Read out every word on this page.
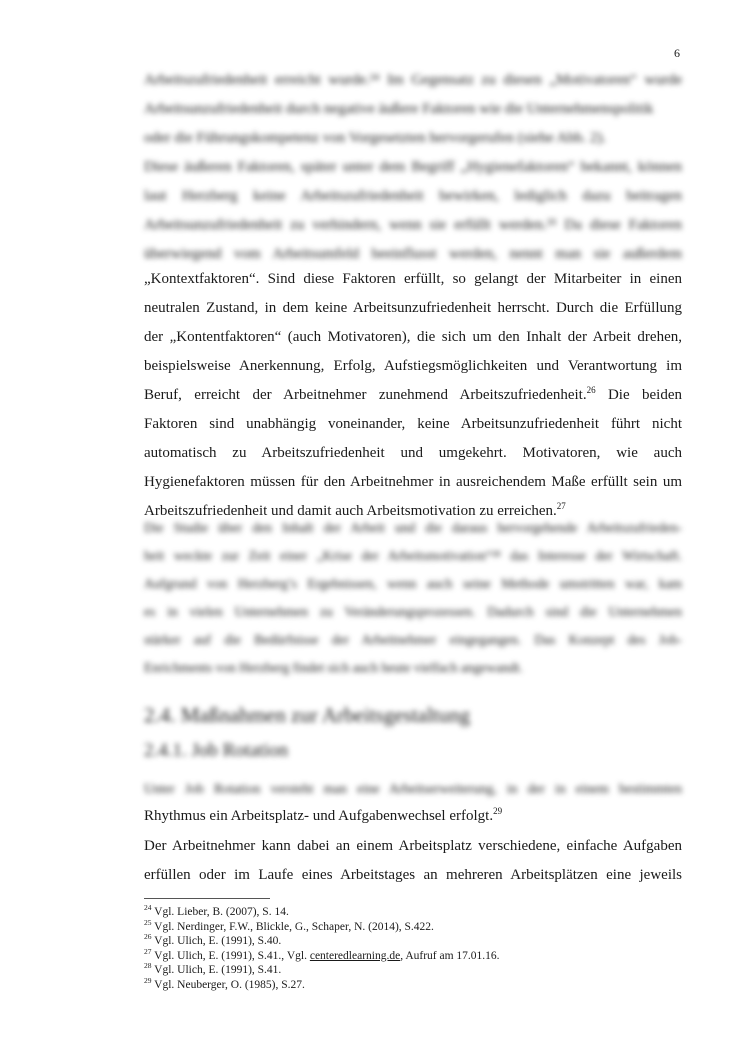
6
Arbeitszufriedenheit erreicht wurde.²⁴ Im Gegensatz zu diesen „Motivatoren“ wurde
Arbeitsunzufriedenheit durch negative äußere Faktoren wie die Unternehmenspolitik
oder die Führungskompetenz von Vorgesetzten hervorgerufen (siehe Abb. 2).
Diese äußeren Faktoren, später unter dem Begriff „Hygienefaktoren“ bekannt, können
laut Herzberg keine Arbeitszufriedenheit bewirken, lediglich dazu beitragen
Arbeitsunzufriedenheit zu verhindern, wenn sie erfüllt werden.²⁵ Da diese Faktoren
überwiegend vom Arbeitsumfeld beeinflusst werden, nennt man sie außerdem
„Kontextfaktoren“. Sind diese Faktoren erfüllt, so gelangt der Mitarbeiter in einen
neutralen Zustand, in dem keine Arbeitsunzufriedenheit herrscht. Durch die Erfüllung
der „Kontentfaktoren“ (auch Motivatoren), die sich um den Inhalt der Arbeit drehen,
beispielsweise Anerkennung, Erfolg, Aufstiegsmöglichkeiten und Verantwortung im
Beruf, erreicht der Arbeitnehmer zunehmend Arbeitszufriedenheit.$^{26}$ Die beiden
Faktoren sind unabhängig voneinander, keine Arbeitsunzufriedenheit führt nicht
automatisch zu Arbeitszufriedenheit und umgekehrt. Motivatoren, wie auch
Hygienefaktoren müssen für den Arbeitnehmer in ausreichendem Maße erfüllt sein um
Arbeitszufriedenheit und damit auch Arbeitsmotivation zu erreichen.$^{27}$
Die Studie über den Inhalt der Arbeit und die daraus hervorgehende Arbeitszufrieden-
heit weckte zur Zeit einer „Krise der Arbeitsmotivation“²⁸ das Interesse der Wirtschaft.
Aufgrund von Herzberg’s Ergebnissen, wenn auch seine Methode umstritten war, kam
es in vielen Unternehmen zu Veränderungsprozessen. Dadurch sind die Unternehmen
stärker auf die Bedürfnisse der Arbeitnehmer eingegangen. Das Konzept des Job-
Enrichments von Herzberg findet sich auch heute vielfach angewandt.
2.4. Maßnahmen zur Arbeitsgestaltung
2.4.1. Job Rotation
Unter Job Rotation versteht man eine Arbeitserweiterung, in der in einem bestimmten
Rhythmus ein Arbeitsplatz- und Aufgabenwechsel erfolgt.$^{29}$
Der Arbeitnehmer kann dabei an einem Arbeitsplatz verschiedene, einfache Aufgaben
erfüllen oder im Laufe eines Arbeitstages an mehreren Arbeitsplätzen eine jeweils
$^{24}$ Vgl. Lieber, B. (2007), S. 14.
$^{25}$ Vgl. Nerdinger, F.W., Blickle, G., Schaper, N. (2014), S.422.
$^{26}$ Vgl. Ulich, E. (1991), S.40.
$^{27}$ Vgl. Ulich, E. (1991), S.41., Vgl. centeredlearning.de, Aufruf am 17.01.16.
$^{28}$ Vgl. Ulich, E. (1991), S.41.
$^{29}$ Vgl. Neuberger, O. (1985), S.27.
